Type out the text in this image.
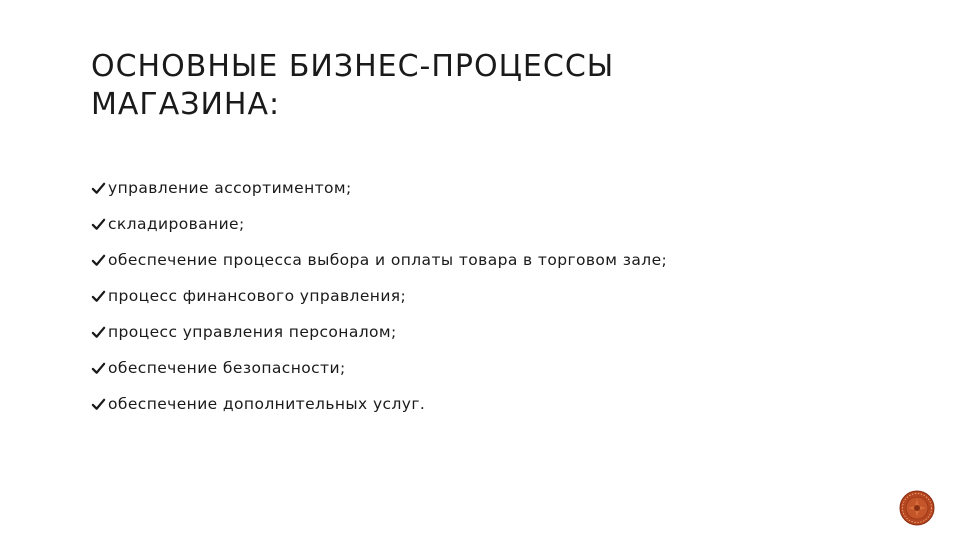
ОСНОВНЫЕ БИЗНЕС-ПРОЦЕССЫ
МАГАЗИНА:
управление ассортиментом;
складирование;
обеспечение процесса выбора и оплаты товара в торговом зале;
процесс финансового управления;
процесс управления персоналом;
обеспечение безопасности;
обеспечение дополнительных услуг.
